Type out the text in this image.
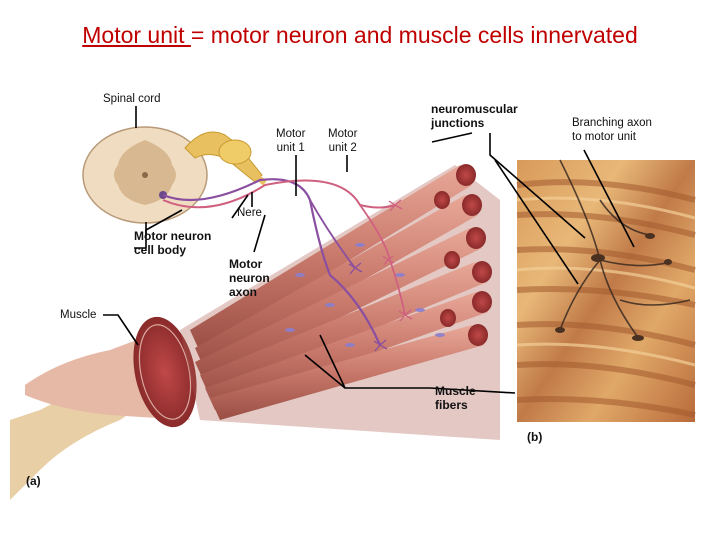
Motor unit = motor neuron and muscle cells innervated
Spinal cord
Motor
unit 1
Motor
unit 2
neuromuscular
junctions	Branching axon
to motor unit
Nere
Motor neuron
cell body
Motor
neuron
axon
Muscle
Muscle
fibers
(b)
(a)
